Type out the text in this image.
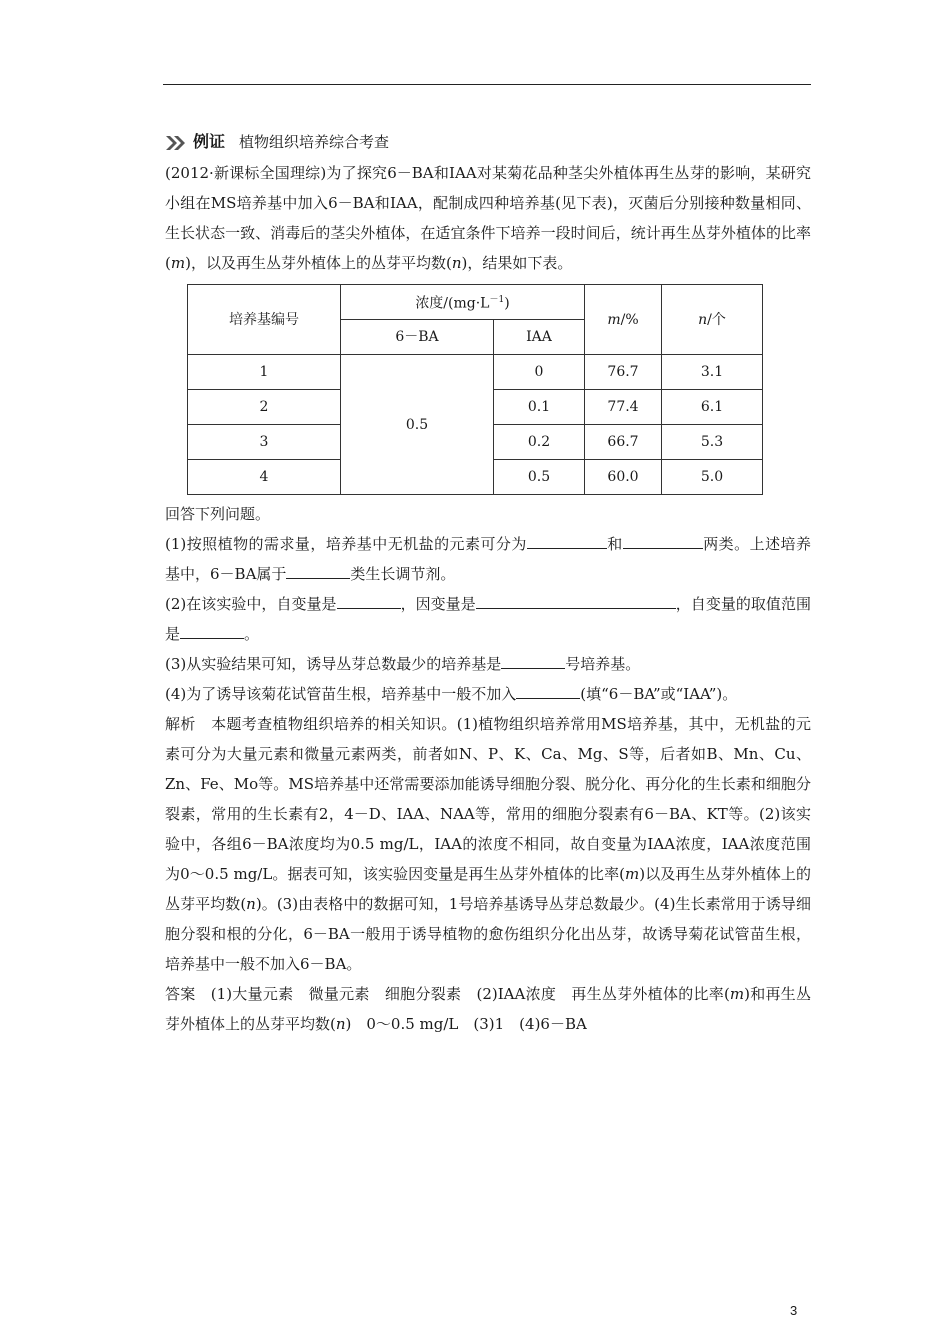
例证 植物组织培养综合考查

(2012·新课标全国理综)为了探究6－BA和IAA对某菊花品种茎尖外植体再生丛芽的影响，某研究小组在MS培养基中加入6－BA和IAA，配制成四种培养基(见下表)，灭菌后分别接种数量相同、生长状态一致、消毒后的茎尖外植体，在适宜条件下培养一段时间后，统计再生丛芽外植体的比率(m)，以及再生丛芽外植体上的丛芽平均数(n)，结果如下表。

培养基编号	浓度$/(mg\cdot L^{-1})$		m/%	n/个
	6－BA	IAA		
1	0.5	0	76.7	3.1
2		0.1	77.4	6.1
3		0.2	66.7	5.3
4		0.5	60.0	5.0

回答下列问题。

(1)按照植物的需求量，培养基中无机盐的元素可分为	和	两类。上述培养基中，6－BA属于	类生长调节剂。

(2)在该实验中，自变量是	，因变量是	，自变量的取值范围是	。

(3)从实验结果可知，诱导丛芽总数最少的培养基是	号培养基。

(4)为了诱导该菊花试管苗生根，培养基中一般不加入	(填“6－BA”或“IAA”)。

解析　 本题考查植物组织培养的相关知识。(1)植物组织培养常用MS培养基，其中，无机盐的元素可分为大量元素和微量元素两类，前者如N、P、K、Ca、Mg、S等，后者如B、Mn、Cu、Zn、Fe、Mo等。MS培养基中还常需要添加能诱导细胞分裂、脱分化、再分化的生长素和细胞分裂素，常用的生长素有2，4－D、IAA、NAA等，常用的细胞分裂素有6－BA、KT等。(2)该实验中，各组6－BA浓度均为0.5 mg/L，IAA的浓度不相同，故自变量为IAA浓度，IAA浓度范围为0～0.5 mg/L。据表可知，该实验因变量是再生丛芽外植体的比率(m)以及再生丛芽外植体上的丛芽平均数(n)。(3)由表格中的数据可知，1号培养基诱导丛芽总数最少。(4)生长素常用于诱导细胞分裂和根的分化，6－BA一般用于诱导植物的愈伤组织分化出丛芽，故诱导菊花试管苗生根，培养基中一般不加入6－BA。

答案　 (1)大量元素　微量元素　细胞分裂素　(2)IAA浓度　再生丛芽外植体的比率(m)和再生丛芽外植体上的丛芽平均数(n)　0～0.5 mg/L　(3)1　(4)6－BA

3
